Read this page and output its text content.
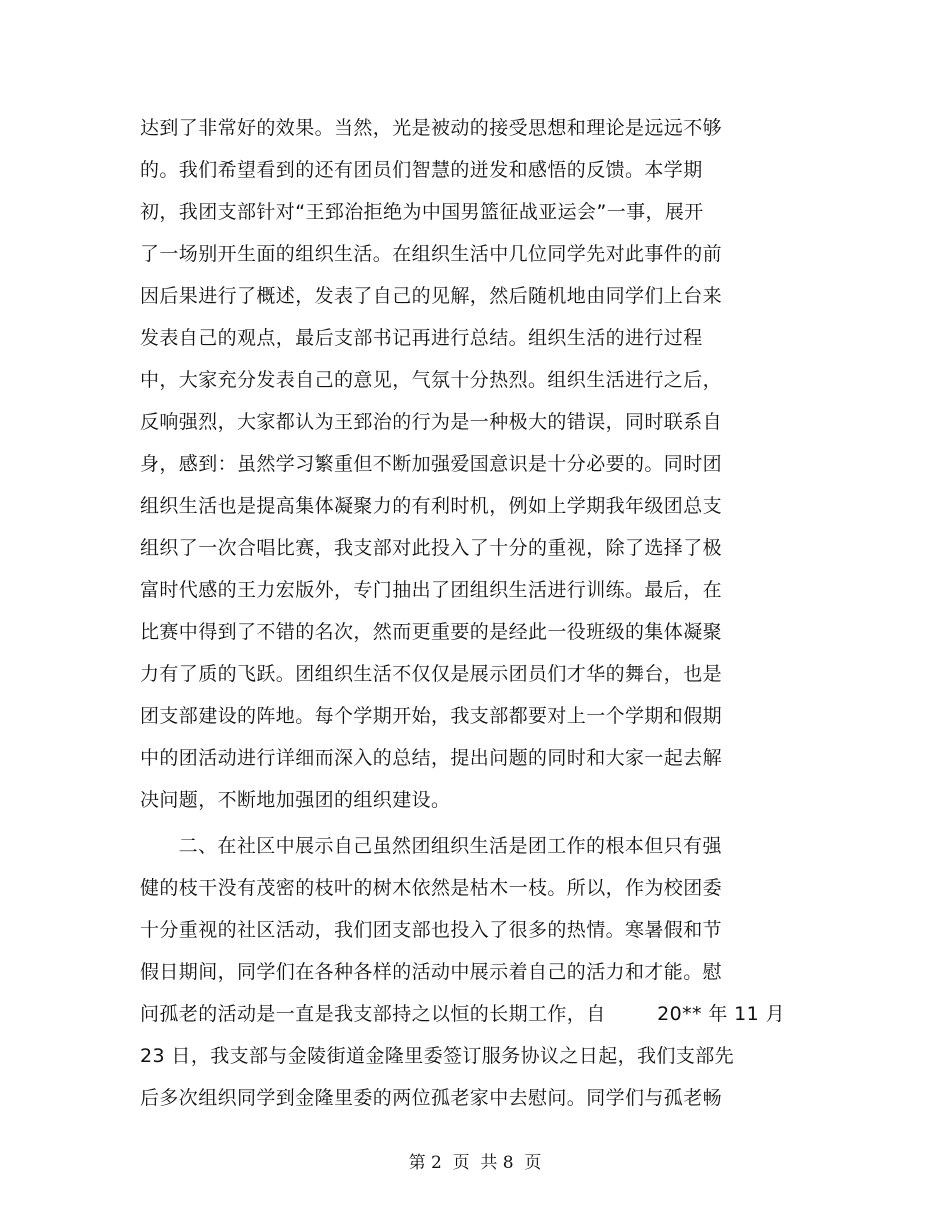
达到了非常好的效果。当然，光是被动的接受思想和理论是远远不够
的。我们希望看到的还有团员们智慧的迸发和感悟的反馈。本学期
初，我团支部针对“王郅治拒绝为中国男篮征战亚运会”一事，展开
了一场别开生面的组织生活。在组织生活中几位同学先对此事件的前
因后果进行了概述，发表了自己的见解，然后随机地由同学们上台来
发表自己的观点，最后支部书记再进行总结。组织生活的进行过程
中，大家充分发表自己的意见，气氛十分热烈。组织生活进行之后，
反响强烈，大家都认为王郅治的行为是一种极大的错误，同时联系自
身，感到：虽然学习繁重但不断加强爱国意识是十分必要的。同时团
组织生活也是提高集体凝聚力的有利时机，例如上学期我年级团总支
组织了一次合唱比赛，我支部对此投入了十分的重视，除了选择了极
富时代感的王力宏版外，专门抽出了团组织生活进行训练。最后，在
比赛中得到了不错的名次，然而更重要的是经此一役班级的集体凝聚
力有了质的飞跃。团组织生活不仅仅是展示团员们才华的舞台，也是
团支部建设的阵地。每个学期开始，我支部都要对上一个学期和假期
中的团活动进行详细而深入的总结，提出问题的同时和大家一起去解
决问题，不断地加强团的组织建设。
二、在社区中展示自己虽然团组织生活是团工作的根本但只有强
健的枝干没有茂密的枝叶的树木依然是枯木一枝。所以，作为校团委
十分重视的社区活动，我们团支部也投入了很多的热情。寒暑假和节
假日期间，同学们在各种各样的活动中展示着自己的活力和才能。慰
问孤老的活动是一直是我支部持之以恒的长期工作，自        20** 年 11 月
23 日，我支部与金陵街道金隆里委签订服务协议之日起，我们支部先
后多次组织同学到金隆里委的两位孤老家中去慰问。同学们与孤老畅
第 2  页  共 8  页
